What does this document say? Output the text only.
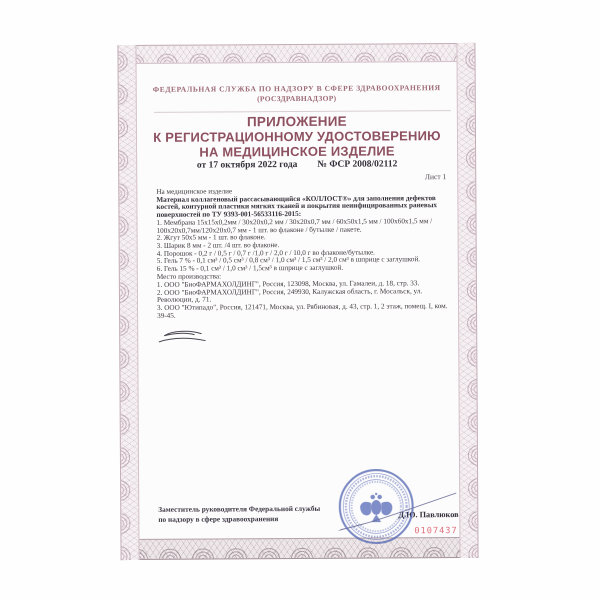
ФЕДЕРАЛЬНАЯ СЛУЖБА ПО НАДЗОРУ В СФЕРЕ ЗДРАВООХРАНЕНИЯ
(РОСЗДРАВНАДЗОР)
ПРИЛОЖЕНИЕ
К РЕГИСТРАЦИОННОМУ УДОСТОВЕРЕНИЮ
НА МЕДИЦИНСКОЕ ИЗДЕЛИЕ
от 17 октября 2022 года № ФСР 2008/02112
Лист 1

На медицинское изделие

Материал коллагеновый рассасывающийся «КОЛЛОСТ®» для заполнения дефектов костей, контурной пластики мягких тканей и покрытия неинфицированных раневых поверхностей по ТУ 9393-001-56533116-2015:

1. Мембрана 15х15х0,2мм / 30х20х0,2 мм / 30х20х0,7 мм / 60х50х1,5 мм / 100х60х1,5 мм / 100х20х0,7мм/120х20х0,7 мм - 1 шт. во флаконе / бутылке / пакете.

2. Жгут 50х5 мм - 1 шт. во флаконе.

3. Шарик 8 мм - 2 шт. /4 шт. во флаконе.

4. Порошок - 0,2 г / 0,5 г / 0,7 г /1,0 г / 2,0 г / 10,0 г во флаконе/бутылке.

5. Гель 7 % - 0,1 см³ / 0,5 см³ / 0,8 см³ / 1,0 см³ / 1,5 см³ / 2,0 см³ в шприце с заглушкой.

6. Гель 15 % - 0,1 см³ / 1,0 см³ / 1,5см³ в шприце с заглушкой.

Место производства:

1. ООО "БиоФАРМАХОЛДИНГ", Россия, 123098, Москва, ул. Гамалеи, д. 18, стр. 33.

2. ООО "БиоФАРМАХОЛДИНГ", Россия, 249930, Калужская область, г. Мосальск, ул. Революции, д. 71.

3. ООО "Ютипадо", Россия, 121471, Москва, ул. Рябиновая, д. 43, стр. 1, 2 этаж, помещ. I, ком. 39-45.

Заместитель руководителя Федеральной службы
по надзору в сфере здравоохранения	Д.Ю. Павлюков
0107437
